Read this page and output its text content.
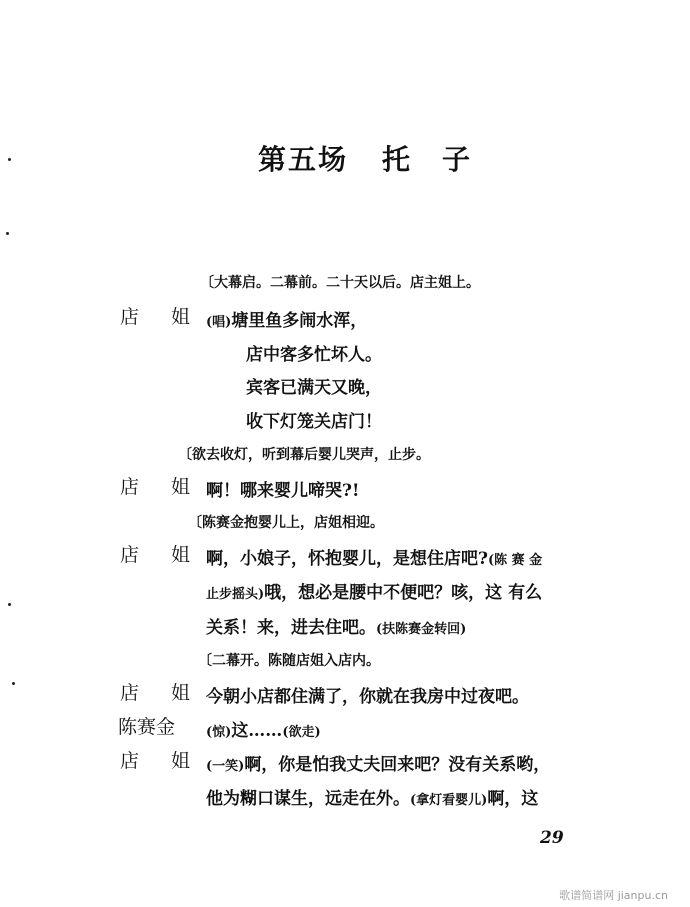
第五场 托　子
〔大幕启。二幕前。二十天以后。店主姐上。
店 姐 (唱)塘里鱼多闹水浑，
店中客多忙坏人。
宾客已满天又晚，
收下灯笼关店门！
〔欲去收灯，听到幕后婴儿哭声，止步。
店 姐 啊！哪来婴儿啼哭?!
〔陈赛金抱婴儿上，店姐相迎。
店 姐 啊，小娘子，怀抱婴儿，是想住店吧?(陈 赛 金
止步摇头)哦，想必是腰中不便吧？咳，这 有么
关系！来，进去住吧。(扶陈赛金转回)
〔二幕开。陈随店姐入店内。
店 姐 今朝小店都住满了，你就在我房中过夜吧。
陈赛金 (惊)这……(欲走)
店 姐 (一笑)啊，你是怕我丈夫回来吧？没有关系哟，
他为糊口谋生，远走在外。(拿灯看婴儿)啊，这
29
歌谱简谱网 jianpu.cn
